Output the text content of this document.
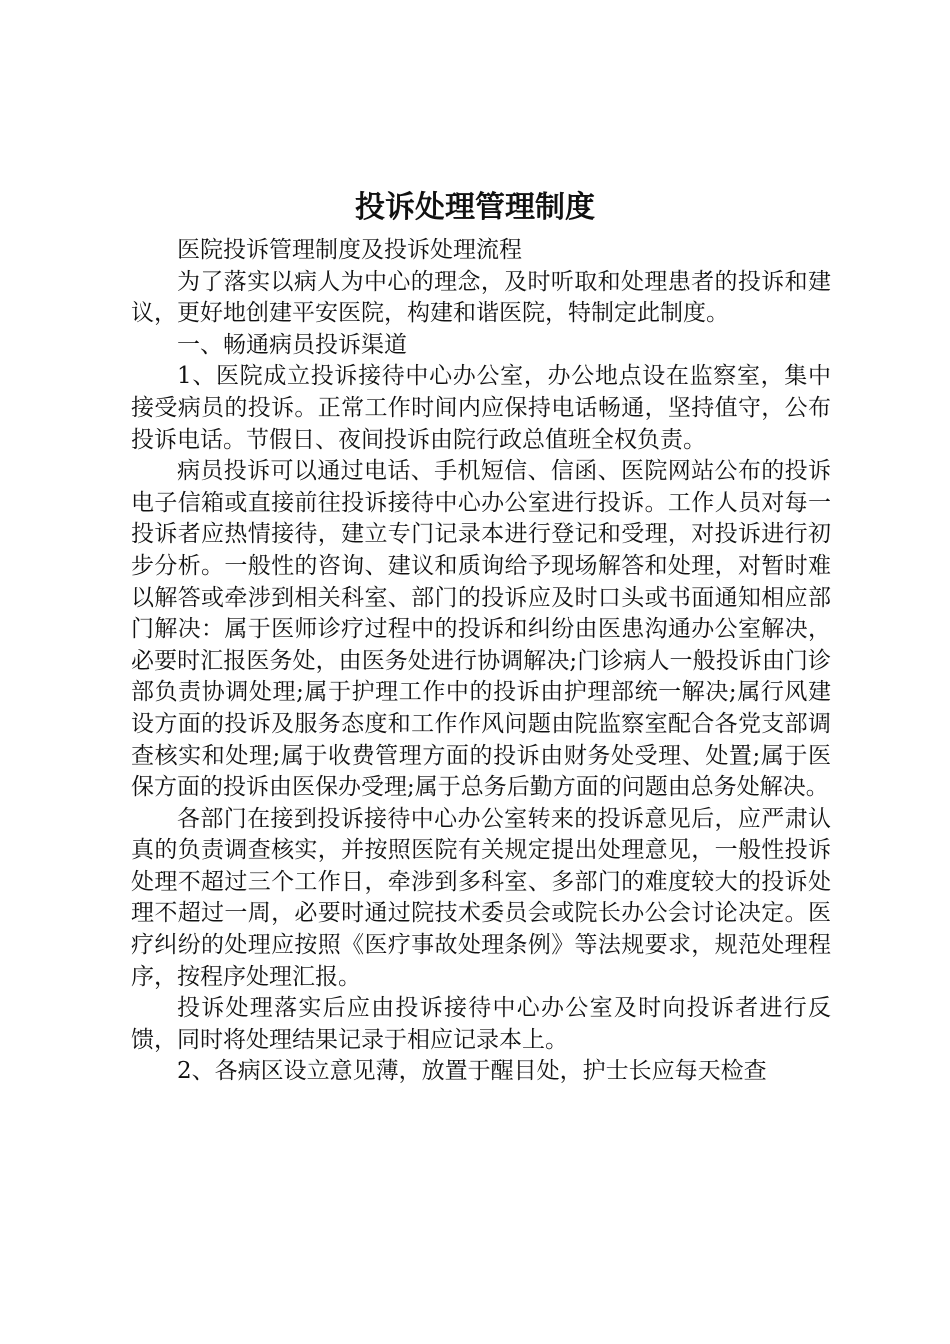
投诉处理管理制度

医院投诉管理制度及投诉处理流程

为了落实以病人为中心的理念，及时听取和处理患者的投诉和建议，更好地创建平安医院，构建和谐医院，特制定此制度。

一、畅通病员投诉渠道

1、医院成立投诉接待中心办公室，办公地点设在监察室，集中接受病员的投诉。正常工作时间内应保持电话畅通，坚持值守，公布投诉电话。节假日、夜间投诉由院行政总值班全权负责。

病员投诉可以通过电话、手机短信、信函、医院网站公布的投诉电子信箱或直接前往投诉接待中心办公室进行投诉。工作人员对每一投诉者应热情接待，建立专门记录本进行登记和受理，对投诉进行初步分析。一般性的咨询、建议和质询给予现场解答和处理，对暂时难以解答或牵涉到相关科室、部门的投诉应及时口头或书面通知相应部门解决：属于医师诊疗过程中的投诉和纠纷由医患沟通办公室解决，必要时汇报医务处，由医务处进行协调解决;门诊病人一般投诉由门诊部负责协调处理;属于护理工作中的投诉由护理部统一解决;属行风建设方面的投诉及服务态度和工作作风问题由院监察室配合各党支部调查核实和处理;属于收费管理方面的投诉由财务处受理、处置;属于医保方面的投诉由医保办受理;属于总务后勤方面的问题由总务处解决。

各部门在接到投诉接待中心办公室转来的投诉意见后，应严肃认真的负责调查核实，并按照医院有关规定提出处理意见，一般性投诉处理不超过三个工作日，牵涉到多科室、多部门的难度较大的投诉处理不超过一周，必要时通过院技术委员会或院长办公会讨论决定。医疗纠纷的处理应按照《医疗事故处理条例》等法规要求，规范处理程序，按程序处理汇报。

投诉处理落实后应由投诉接待中心办公室及时向投诉者进行反馈，同时将处理结果记录于相应记录本上。

2、各病区设立意见薄，放置于醒目处，护士长应每天检查
